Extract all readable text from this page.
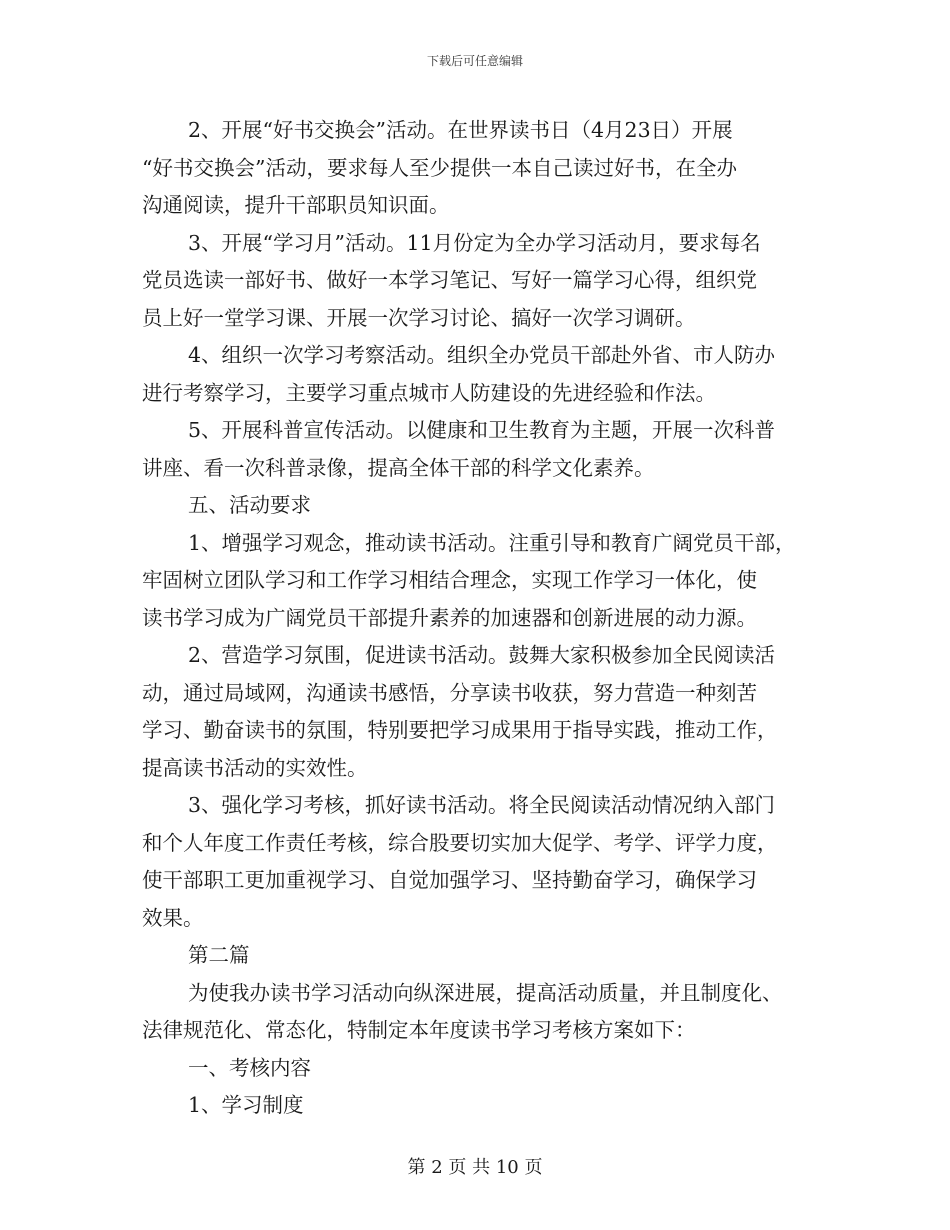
下载后可任意编辑
2、开展“好书交换会”活动。在世界读书日（4月23日）开展
“好书交换会”活动，要求每人至少提供一本自己读过好书，在全办
沟通阅读，提升干部职员知识面。
3、开展“学习月”活动。11月份定为全办学习活动月，要求每名
党员选读一部好书、做好一本学习笔记、写好一篇学习心得，组织党
员上好一堂学习课、开展一次学习讨论、搞好一次学习调研。
4、组织一次学习考察活动。组织全办党员干部赴外省、市人防办
进行考察学习，主要学习重点城市人防建设的先进经验和作法。
5、开展科普宣传活动。以健康和卫生教育为主题，开展一次科普
讲座、看一次科普录像，提高全体干部的科学文化素养。
五、活动要求
1、增强学习观念，推动读书活动。注重引导和教育广阔党员干部，
牢固树立团队学习和工作学习相结合理念，实现工作学习一体化，使
读书学习成为广阔党员干部提升素养的加速器和创新进展的动力源。
2、营造学习氛围，促进读书活动。鼓舞大家积极参加全民阅读活
动，通过局域网，沟通读书感悟，分享读书收获，努力营造一种刻苦
学习、勤奋读书的氛围，特别要把学习成果用于指导实践，推动工作，
提高读书活动的实效性。
3、强化学习考核，抓好读书活动。将全民阅读活动情况纳入部门
和个人年度工作责任考核，综合股要切实加大促学、考学、评学力度，
使干部职工更加重视学习、自觉加强学习、坚持勤奋学习，确保学习
效果。
第二篇
为使我办读书学习活动向纵深进展，提高活动质量，并且制度化、
法律规范化、常态化，特制定本年度读书学习考核方案如下：
一、考核内容
1、学习制度
第 2 页 共 10 页
